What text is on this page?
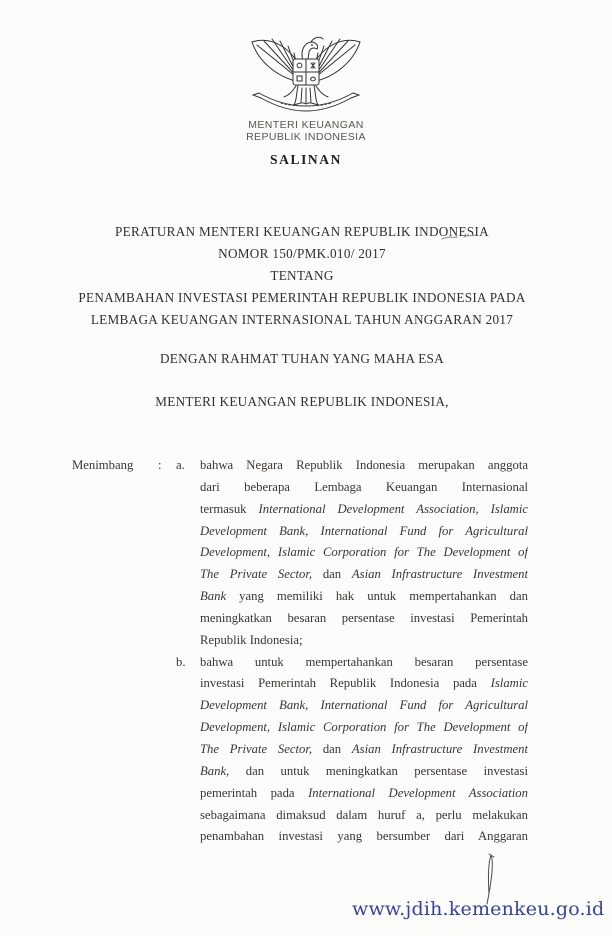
MENTERI KEUANGAN
REPUBLIK INDONESIA
SALINAN
PERATURAN MENTERI KEUANGAN REPUBLIK INDONESIA
NOMOR 150/PMK.010/ 2017
TENTANG
PENAMBAHAN INVESTASI PEMERINTAH REPUBLIK INDONESIA PADA
LEMBAGA KEUANGAN INTERNASIONAL TAHUN ANGGARAN 2017
DENGAN RAHMAT TUHAN YANG MAHA ESA
MENTERI KEUANGAN REPUBLIK INDONESIA,
Menimbang	:	a.	bahwa Negara Republik Indonesia merupakan anggota
dari beberapa Lembaga Keuangan Internasional
termasuk International Development Association, Islamic
Development Bank, International Fund for Agricultural
Development, Islamic Corporation for The Development of
The Private Sector, dan Asian Infrastructure Investment
Bank yang memiliki hak untuk mempertahankan dan
meningkatkan besaran persentase investasi Pemerintah
Republik Indonesia;
b.	bahwa untuk mempertahankan besaran persentase
investasi Pemerintah Republik Indonesia pada Islamic
Development Bank, International Fund for Agricultural
Development, Islamic Corporation for The Development of
The Private Sector, dan Asian Infrastructure Investment
Bank, dan untuk meningkatkan persentase investasi
pemerintah pada International Development Association
sebagaimana dimaksud dalam huruf a, perlu melakukan
penambahan investasi yang bersumber dari Anggaran
www.jdih.kemenkeu.go.id
